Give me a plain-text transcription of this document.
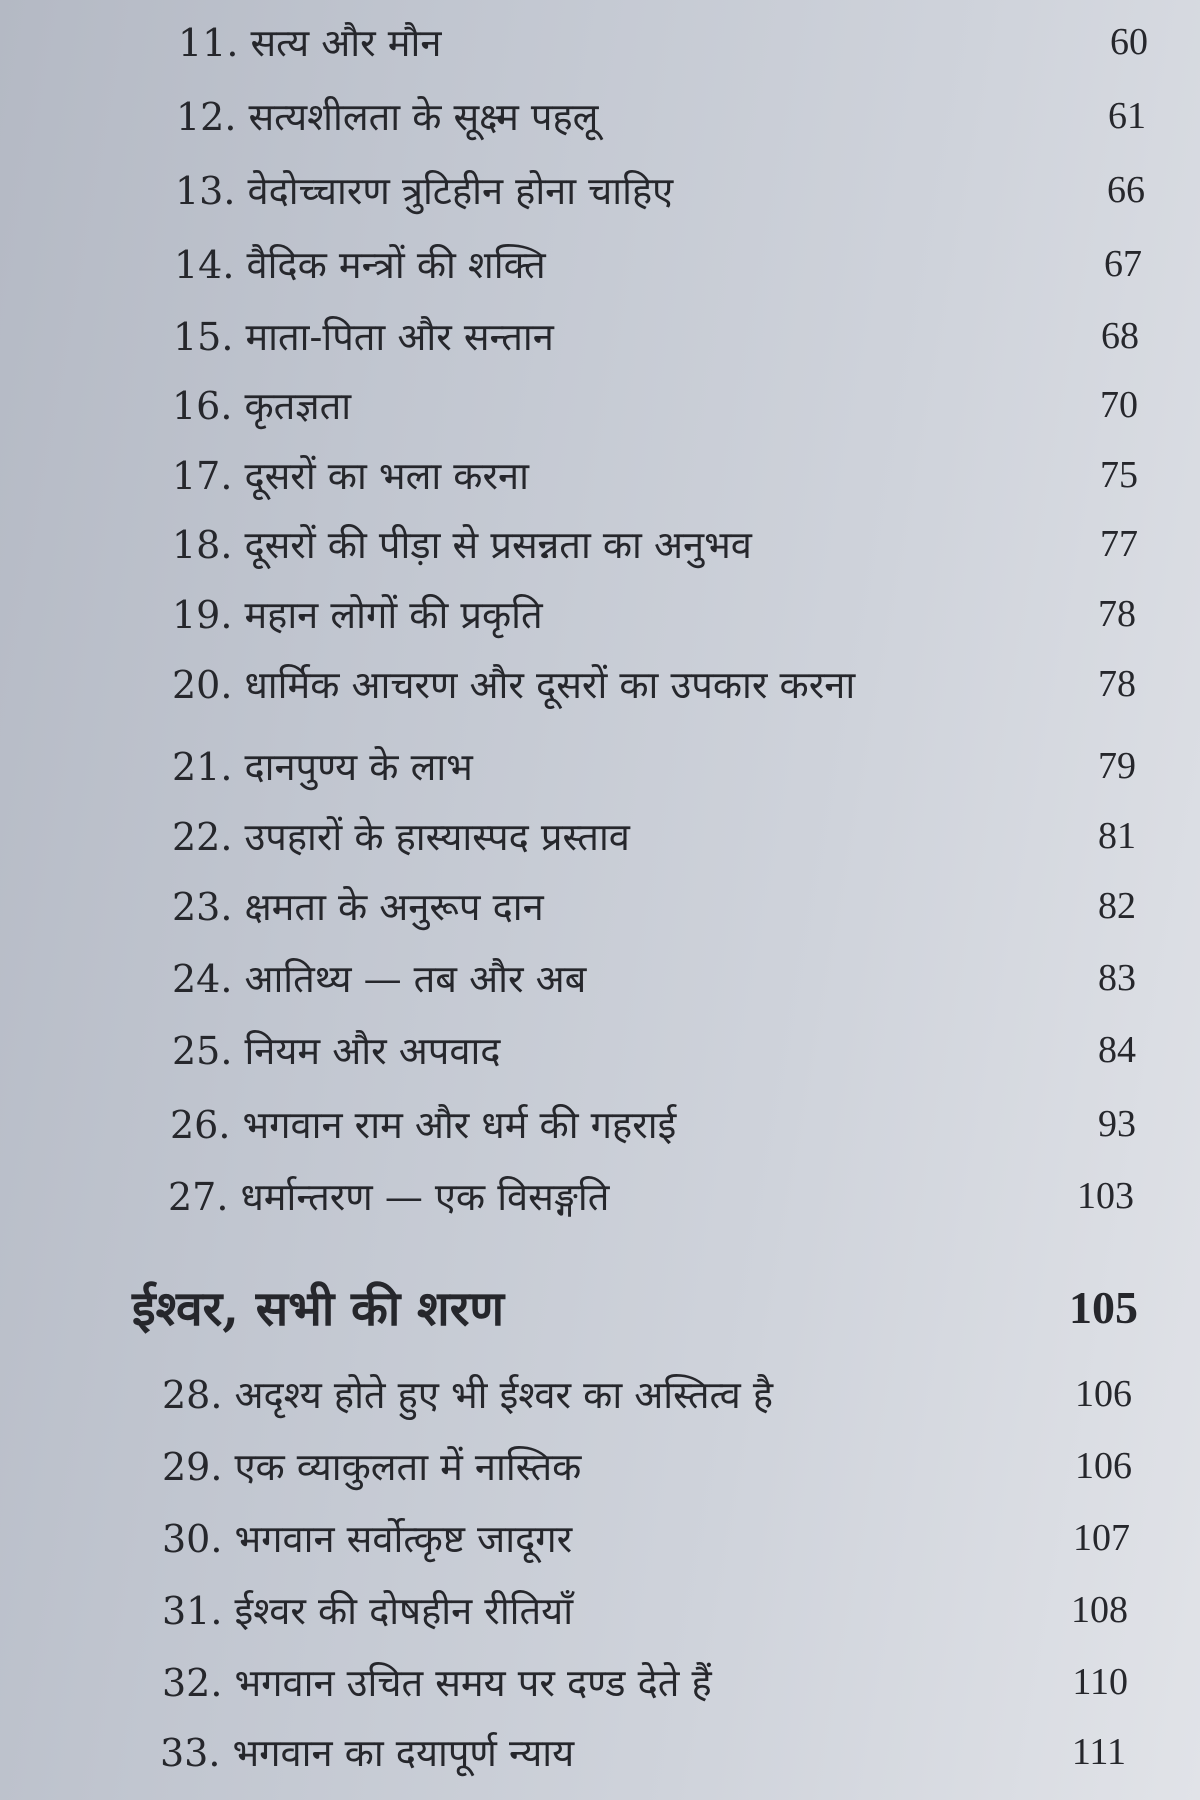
11. सत्य और मौन	60
12. सत्यशीलता के सूक्ष्म पहलू	61
13. वेदोच्चारण त्रुटिहीन होना चाहिए	66
14. वैदिक मन्त्रों की शक्ति	67
15. माता-पिता और सन्तान	68
16. कृतज्ञता	70
17. दूसरों का भला करना	75
18. दूसरों की पीड़ा से प्रसन्नता का अनुभव	77
19. महान लोगों की प्रकृति	78
20. धार्मिक आचरण और दूसरों का उपकार करना	78
21. दानपुण्य के लाभ	79
22. उपहारों के हास्यास्पद प्रस्ताव	81
23. क्षमता के अनुरूप दान	82
24. आतिथ्य — तब और अब	83
25. नियम और अपवाद	84
26. भगवान राम और धर्म की गहराई	93
27. धर्मान्तरण — एक विसङ्गति	103
ईश्वर, सभी की शरण	105
28. अदृश्य होते हुए भी ईश्वर का अस्तित्व है	106
29. एक व्याकुलता में नास्तिक	106
30. भगवान सर्वोत्कृष्ट जादूगर	107
31. ईश्वर की दोषहीन रीतियाँ	108
32. भगवान उचित समय पर दण्ड देते हैं	110
33. भगवान का दयापूर्ण न्याय	111
